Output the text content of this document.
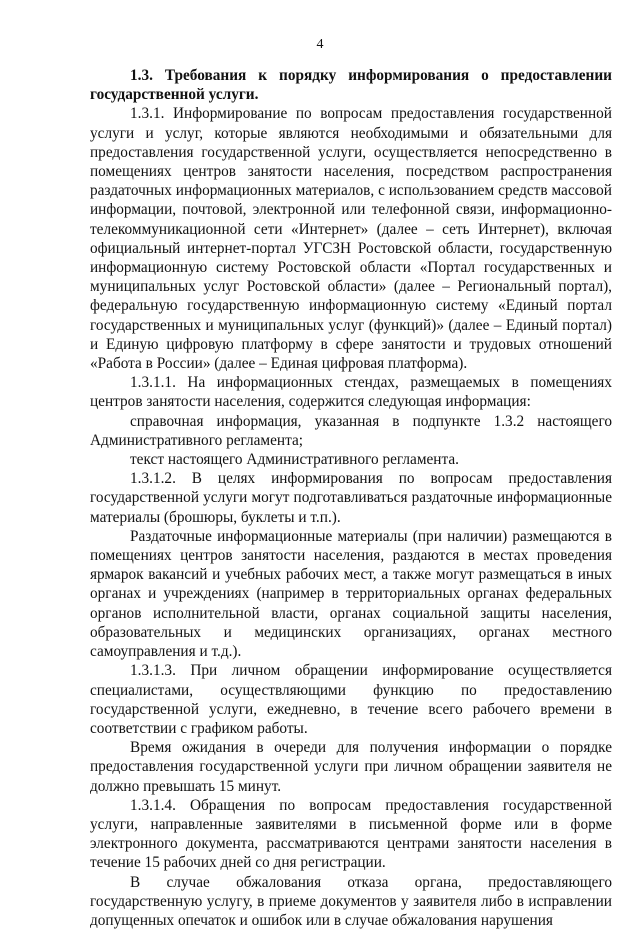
4

1.3. Требования к порядку информирования о предоставлении государственной услуги.

1.3.1. Информирование по вопросам предоставления государственной услуги и услуг, которые являются необходимыми и обязательными для предоставления государственной услуги, осуществляется непосредственно в помещениях центров занятости населения, посредством распространения раздаточных информационных материалов, с использованием средств массовой информации, почтовой, электронной или телефонной связи, информационно-телекоммуникационной сети «Интернет» (далее – сеть Интернет), включая официальный интернет-портал УГСЗН Ростовской области, государственную информационную систему Ростовской области «Портал государственных и муниципальных услуг Ростовской области» (далее – Региональный портал), федеральную государственную информационную систему «Единый портал государственных и муниципальных услуг (функций)» (далее – Единый портал) и Единую цифровую платформу в сфере занятости и трудовых отношений «Работа в России» (далее – Единая цифровая платформа).

1.3.1.1. На информационных стендах, размещаемых в помещениях центров занятости населения, содержится следующая информация:

справочная информация, указанная в подпункте 1.3.2 настоящего Административного регламента;

текст настоящего Административного регламента.

1.3.1.2. В целях информирования по вопросам предоставления государственной услуги могут подготавливаться раздаточные информационные материалы (брошюры, буклеты и т.п.).

Раздаточные информационные материалы (при наличии) размещаются в помещениях центров занятости населения, раздаются в местах проведения ярмарок вакансий и учебных рабочих мест, а также могут размещаться в иных органах и учреждениях (например в территориальных органах федеральных органов исполнительной власти, органах социальной защиты населения, образовательных и медицинских организациях, органах местного самоуправления и т.д.).

1.3.1.3. При личном обращении информирование осуществляется специалистами, осуществляющими функцию по предоставлению государственной услуги, ежедневно, в течение всего рабочего времени в соответствии с графиком работы.

Время ожидания в очереди для получения информации о порядке предоставления государственной услуги при личном обращении заявителя не должно превышать 15 минут.

1.3.1.4. Обращения по вопросам предоставления государственной услуги, направленные заявителями в письменной форме или в форме электронного документа, рассматриваются центрами занятости населения в течение 15 рабочих дней со дня регистрации.

В случае обжалования отказа органа, предоставляющего государственную услугу, в приеме документов у заявителя либо в исправлении допущенных опечаток и ошибок или в случае обжалования нарушения
